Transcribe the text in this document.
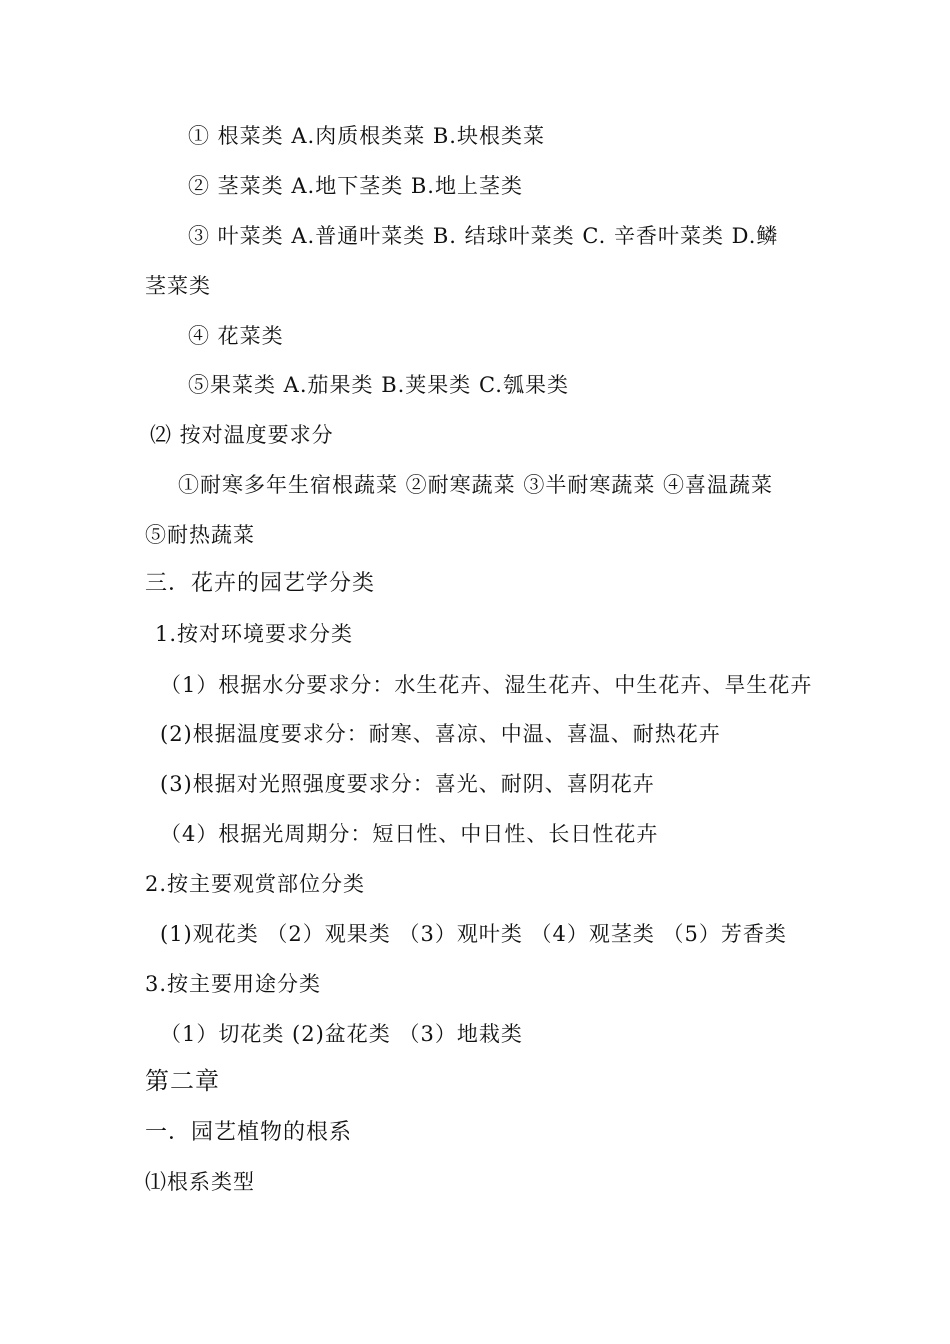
① 根菜类 A.肉质根类菜 B.块根类菜
② 茎菜类 A.地下茎类 B.地上茎类
③ 叶菜类 A.普通叶菜类 B. 结球叶菜类 C. 辛香叶菜类 D.鳞
茎菜类
④ 花菜类
⑤果菜类 A.茄果类 B.荚果类 C.瓠果类
⑵ 按对温度要求分
①耐寒多年生宿根蔬菜 ②耐寒蔬菜 ③半耐寒蔬菜 ④喜温蔬菜
⑤耐热蔬菜
三．花卉的园艺学分类
1.按对环境要求分类
（1）根据水分要求分：水生花卉、湿生花卉、中生花卉、旱生花卉
(2)根据温度要求分：耐寒、喜凉、中温、喜温、耐热花卉
(3)根据对光照强度要求分：喜光、耐阴、喜阴花卉
（4）根据光周期分：短日性、中日性、长日性花卉
2.按主要观赏部位分类
(1)观花类 （2）观果类 （3）观叶类 （4）观茎类 （5）芳香类
3.按主要用途分类
（1）切花类 (2)盆花类 （3）地栽类
第二章
一．园艺植物的根系
⑴根系类型
